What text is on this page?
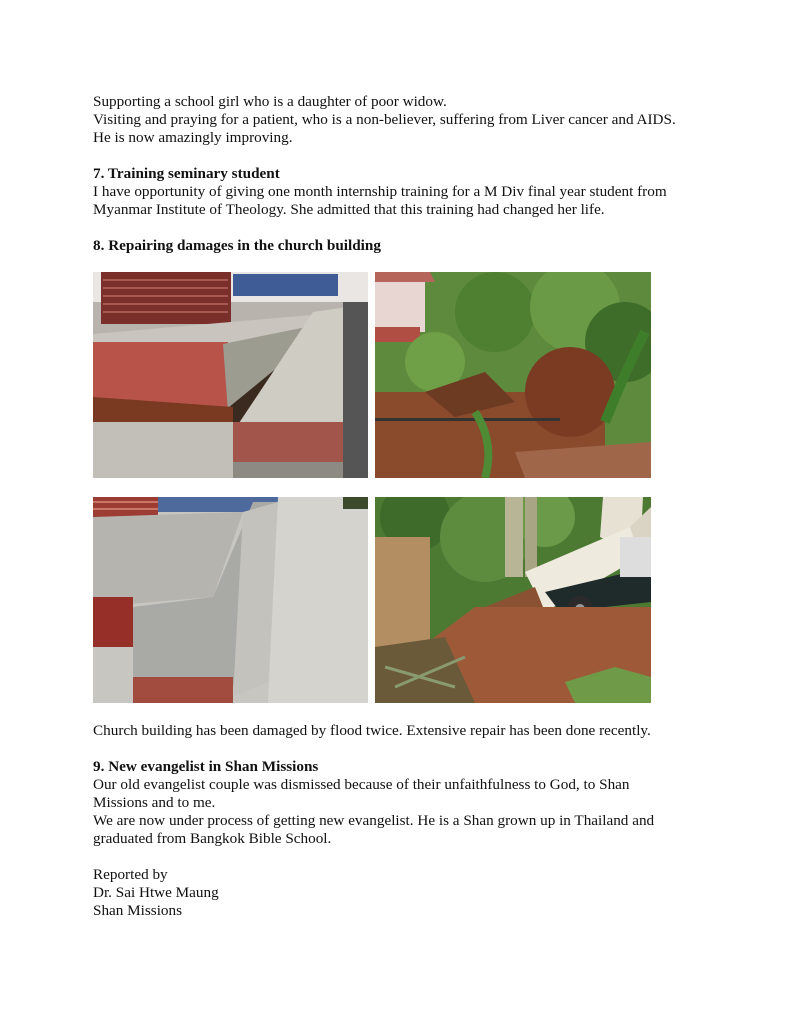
Supporting a school girl who is a daughter of poor widow.
Visiting and praying for a patient, who is a non-believer, suffering from Liver cancer and AIDS.
He is now amazingly improving.
7. Training seminary student
I have opportunity of giving one month internship training for a M Div final year student from
Myanmar Institute of Theology. She admitted that this training had changed her life.
8. Repairing damages in the church building
Church building has been damaged by flood twice. Extensive repair has been done recently.
9. New evangelist in Shan Missions
Our old evangelist couple was dismissed because of their unfaithfulness to God, to Shan
Missions and to me.
We are now under process of getting new evangelist. He is a Shan grown up in Thailand and
graduated from Bangkok Bible School.
Reported by
Dr. Sai Htwe Maung
Shan Missions
